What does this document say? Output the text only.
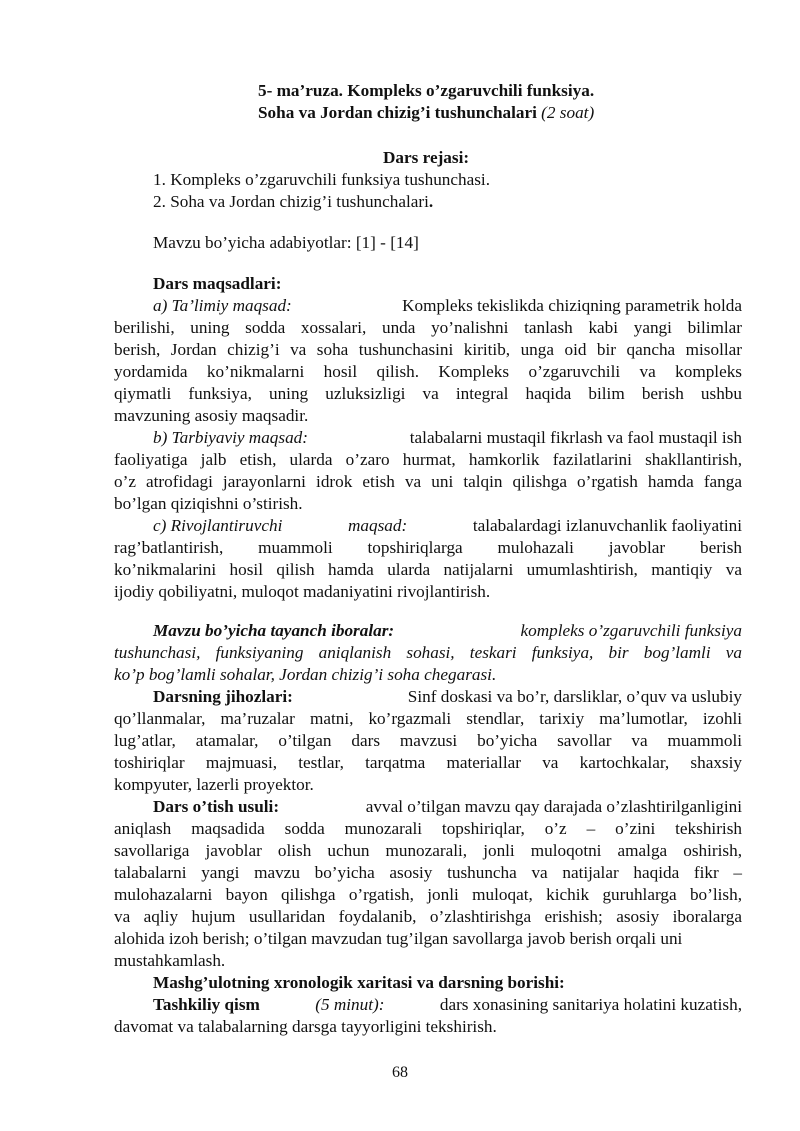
5- ma’ruza. Kompleks o’zgaruvchili funksiya.
Soha va Jordan chizig’i tushunchalari (2 soat)
Dars rejasi:
1. Kompleks o’zgaruvchili funksiya tushunchasi.
2. Soha va Jordan chizig’i tushunchalari.
Mavzu bo’yicha adabiyotlar: [1] - [14]
Dars maqsadlari:
a) Ta’limiy maqsad:	Kompleks tekislikda chiziqning parametrik holda
berilishi, uning sodda xossalari, unda yo’nalishni tanlash kabi yangi bilimlar
berish, Jordan chizig’i va soha tushunchasini kiritib, unga oid bir qancha misollar
yordamida ko’nikmalarni hosil qilish. Kompleks o’zgaruvchili va kompleks
qiymatli funksiya, uning uzluksizligi va integral haqida bilim berish ushbu
mavzuning asosiy maqsadir.
b) Tarbiyaviy maqsad:	talabalarni mustaqil fikrlash va faol mustaqil ish
faoliyatiga jalb etish, ularda o’zaro hurmat, hamkorlik fazilatlarini shakllantirish,
o’z atrofidagi jarayonlarni idrok etish va uni talqin qilishga o’rgatish hamda fanga
bo’lgan qiziqishni o’stirish.
c) Rivojlantiruvchi	maqsad:	talabalardagi izlanuvchanlik faoliyatini
rag’batlantirish, muammoli topshiriqlarga mulohazali javoblar berish
ko’nikmalarini hosil qilish hamda ularda natijalarni umumlashtirish, mantiqiy va
ijodiy qobiliyatni, muloqot madaniyatini rivojlantirish.
Mavzu bo’yicha tayanch iboralar:	kompleks o’zgaruvchili funksiya
tushunchasi, funksiyaning aniqlanish sohasi, teskari funksiya, bir bog’lamli va
ko’p bog’lamli sohalar, Jordan chizig’i soha chegarasi.
Darsning jihozlari:	Sinf doskasi va bo’r, darsliklar, o’quv va uslubiy
qo’llanmalar, ma’ruzalar matni, ko’rgazmali stendlar, tarixiy ma’lumotlar, izohli
lug’atlar, atamalar, o’tilgan dars mavzusi bo’yicha savollar va muammoli
toshiriqlar majmuasi, testlar, tarqatma materiallar va kartochkalar, shaxsiy
kompyuter, lazerli proyektor.
Dars o’tish usuli:	avval o’tilgan mavzu qay darajada o’zlashtirilganligini
aniqlash maqsadida sodda munozarali topshiriqlar, o’z – o’zini tekshirish
savollariga javoblar olish uchun munozarali, jonli muloqotni amalga oshirish,
talabalarni yangi mavzu bo’yicha asosiy tushuncha va natijalar haqida fikr –
mulohazalarni bayon qilishga o’rgatish, jonli muloqat, kichik guruhlarga bo’lish,
va aqliy hujum usullaridan foydalanib, o’zlashtirishga erishish; asosiy iboralarga
alohida izoh berish; o’tilgan mavzudan tug’ilgan savollarga javob berish orqali uni
mustahkamlash.
Mashg’ulotning xronologik xaritasi va darsning borishi:
Tashkiliy qism	(5 minut):	dars xonasining sanitariya holatini kuzatish,
davomat va talabalarning darsga tayyorligini tekshirish.
68
